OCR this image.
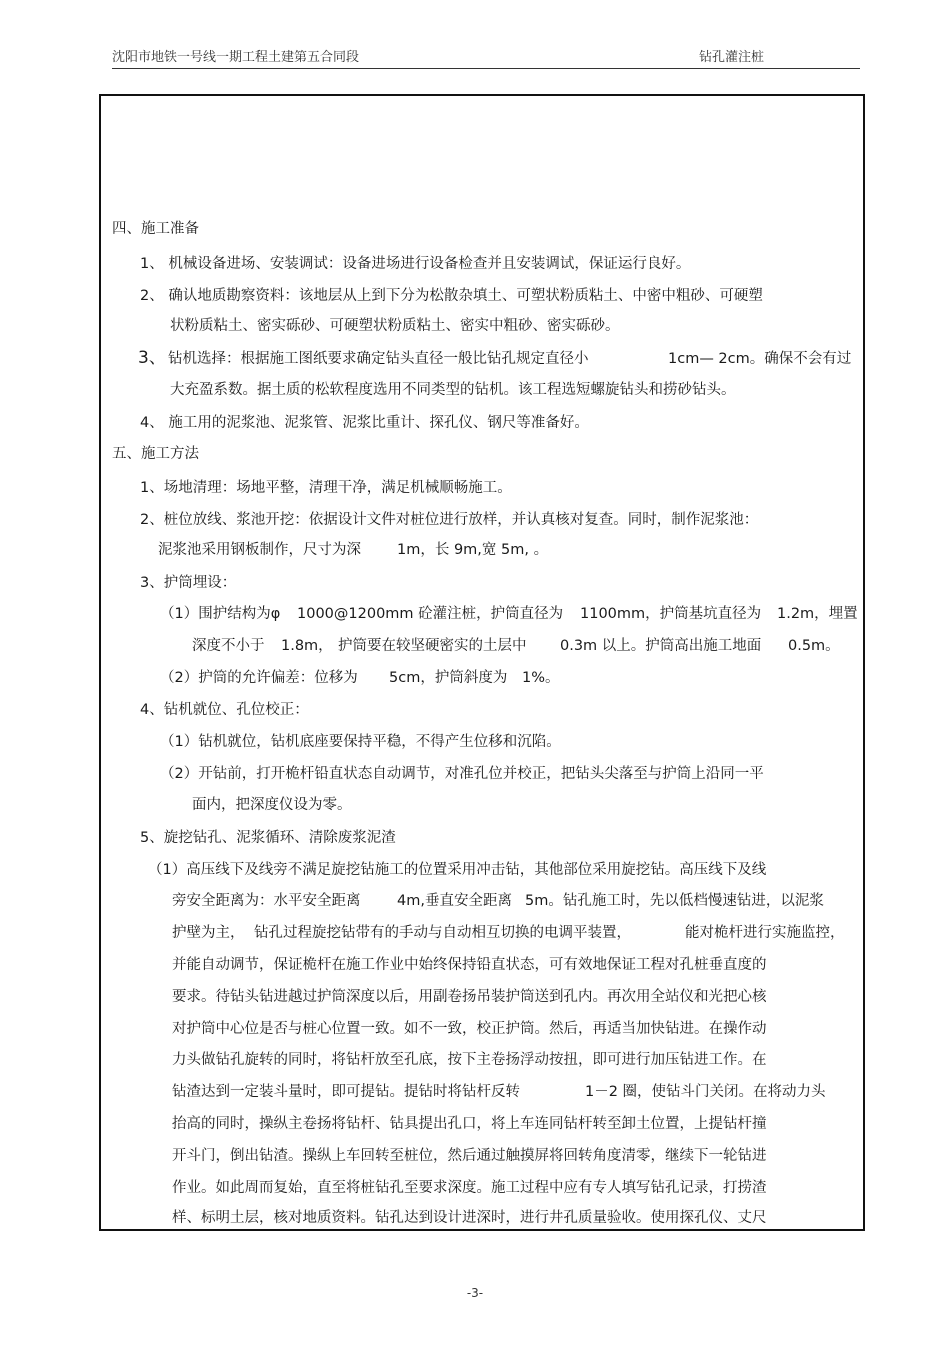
沈阳市地铁一号线一期工程土建第五合同段	钻孔灌注桩
四、施工准备
1、 机械设备进场、安装调试：设备进场进行设备检查并且安装调试，保证运行良好。
2、 确认地质勘察资料：该地层从上到下分为松散杂填土、可塑状粉质粘土、中密中粗砂、可硬塑
状粉质粘土、密实砾砂、可硬塑状粉质粘土、密实中粗砂、密实砾砂。
3、 钻机选择：根据施工图纸要求确定钻头直径一般比钻孔规定直径小	1cm— 2cm。确保不会有过
大充盈系数。据土质的松软程度选用不同类型的钻机。该工程选短螺旋钻头和捞砂钻头。
4、 施工用的泥浆池、泥浆管、泥浆比重计、探孔仪、钢尺等准备好。
五、施工方法
1、场地清理：场地平整，清理干净，满足机械顺畅施工。
2、桩位放线、浆池开挖：依据设计文件对桩位进行放样，并认真核对复查。同时，制作泥浆池：
泥浆池采用钢板制作，尺寸为深 1m，长 9m,宽 5m, 。
3、护筒埋设：
（1）围护结构为φ 1000@1200mm 砼灌注桩，护筒直径为 1100mm，护筒基坑直径为 1.2m，埋置
深度不小于 1.8m， 护筒要在较坚硬密实的土层中 0.3m 以上。护筒高出施工地面 0.5m。
（2）护筒的允许偏差：位移为 5cm，护筒斜度为 1%。
4、钻机就位、孔位校正：
（1）钻机就位，钻机底座要保持平稳，不得产生位移和沉陷。
（2）开钻前，打开桅杆铅直状态自动调节，对准孔位并校正，把钻头尖落至与护筒上沿同一平
面内，把深度仪设为零。
5、旋挖钻孔、泥浆循环、清除废浆泥渣
（1）高压线下及线旁不满足旋挖钻施工的位置采用冲击钻，其他部位采用旋挖钻。高压线下及线
旁安全距离为：水平安全距离	4m,垂直安全距离 5m。钻孔施工时，先以低档慢速钻进，以泥浆
护壁为主， 钻孔过程旋挖钻带有的手动与自动相互切换的电调平装置，	能对桅杆进行实施监控，
并能自动调节，保证桅杆在施工作业中始终保持铅直状态，可有效地保证工程对孔桩垂直度的
要求。待钻头钻进越过护筒深度以后，用副卷扬吊装护筒送到孔内。再次用全站仪和光把心核
对护筒中心位是否与桩心位置一致。如不一致，校正护筒。然后，再适当加快钻进。在操作动
力头做钻孔旋转的同时，将钻杆放至孔底，按下主卷扬浮动按扭，即可进行加压钻进工作。在
钻渣达到一定装斗量时，即可提钻。提钻时将钻杆反转	1－2 圈，使钻斗门关闭。在将动力头
抬高的同时，操纵主卷扬将钻杆、钻具提出孔口，将上车连同钻杆转至卸土位置，上提钻杆撞
开斗门，倒出钻渣。操纵上车回转至桩位，然后通过触摸屏将回转角度清零，继续下一轮钻进
作业。如此周而复始，直至将桩钻孔至要求深度。施工过程中应有专人填写钻孔记录，打捞渣
样、标明土层，核对地质资料。钻孔达到设计进深时，进行井孔质量验收。使用探孔仪、丈尺
-3-
